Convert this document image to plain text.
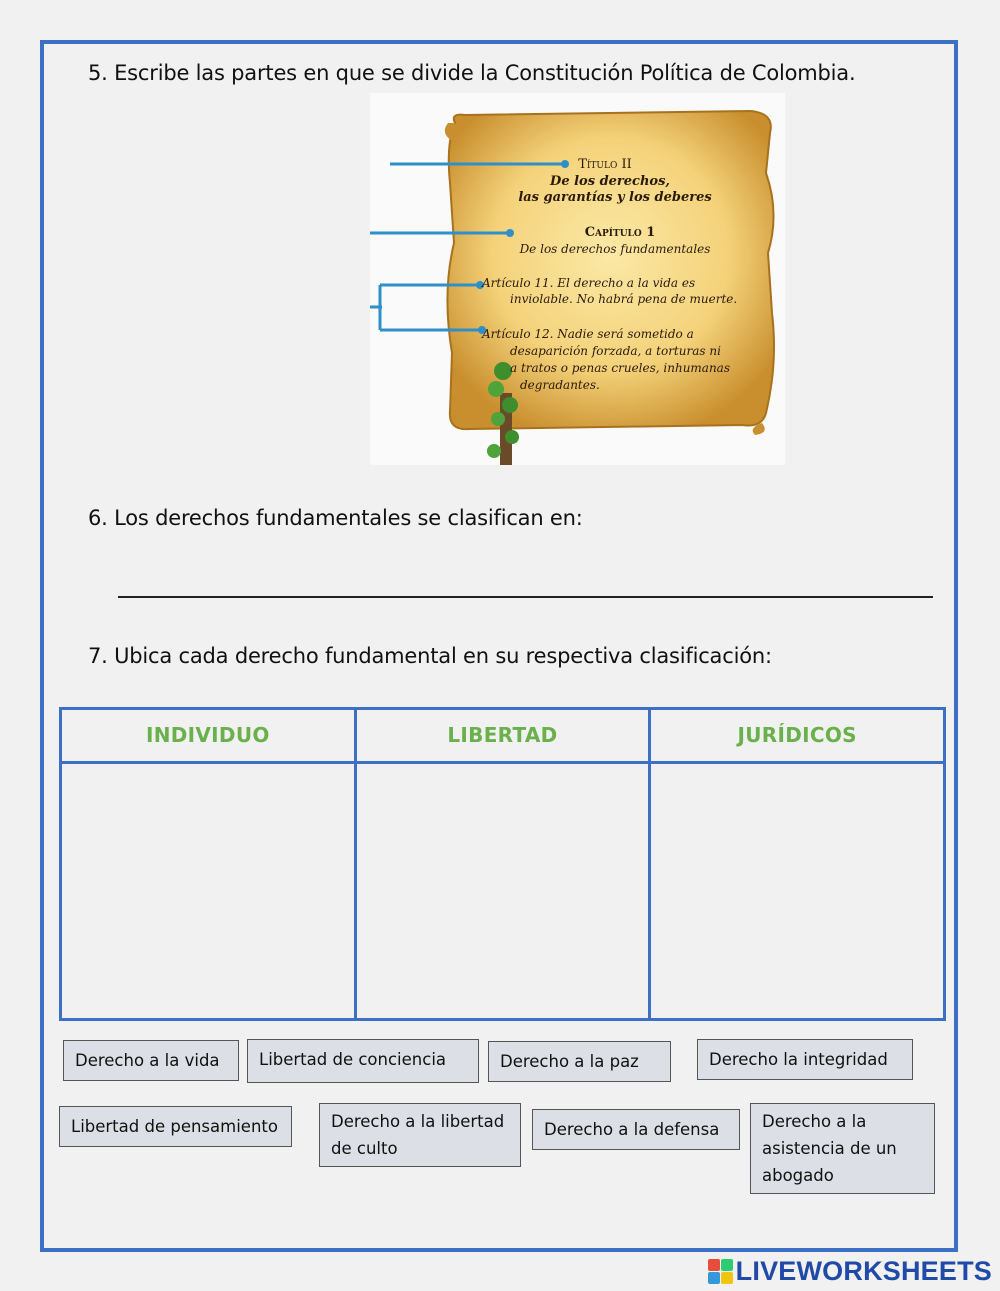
5. Escribe las partes en que se divide la Constitución Política de Colombia.
Título II
De los derechos,
las garantías y los deberes
Capítulo 1
De los derechos fundamentales
Artículo 11. El derecho a la vida es
inviolable. No habrá pena de muerte.
Artículo 12. Nadie será sometido a
desaparición forzada, a torturas ni
a tratos o penas crueles, inhumanas
degradantes.
6. Los derechos fundamentales se clasifican en:
7. Ubica cada derecho fundamental en su respectiva clasificación:
INDIVIDUO	LIBERTAD	JURÍDICOS

Derecho a la vida	Libertad de conciencia	Derecho a la paz	Derecho la integridad
Libertad de pensamiento	Derecho a la libertad de culto
Derecho a la defensa	Derecho a la asistencia de un abogado
LIVEWORKSHEETS
